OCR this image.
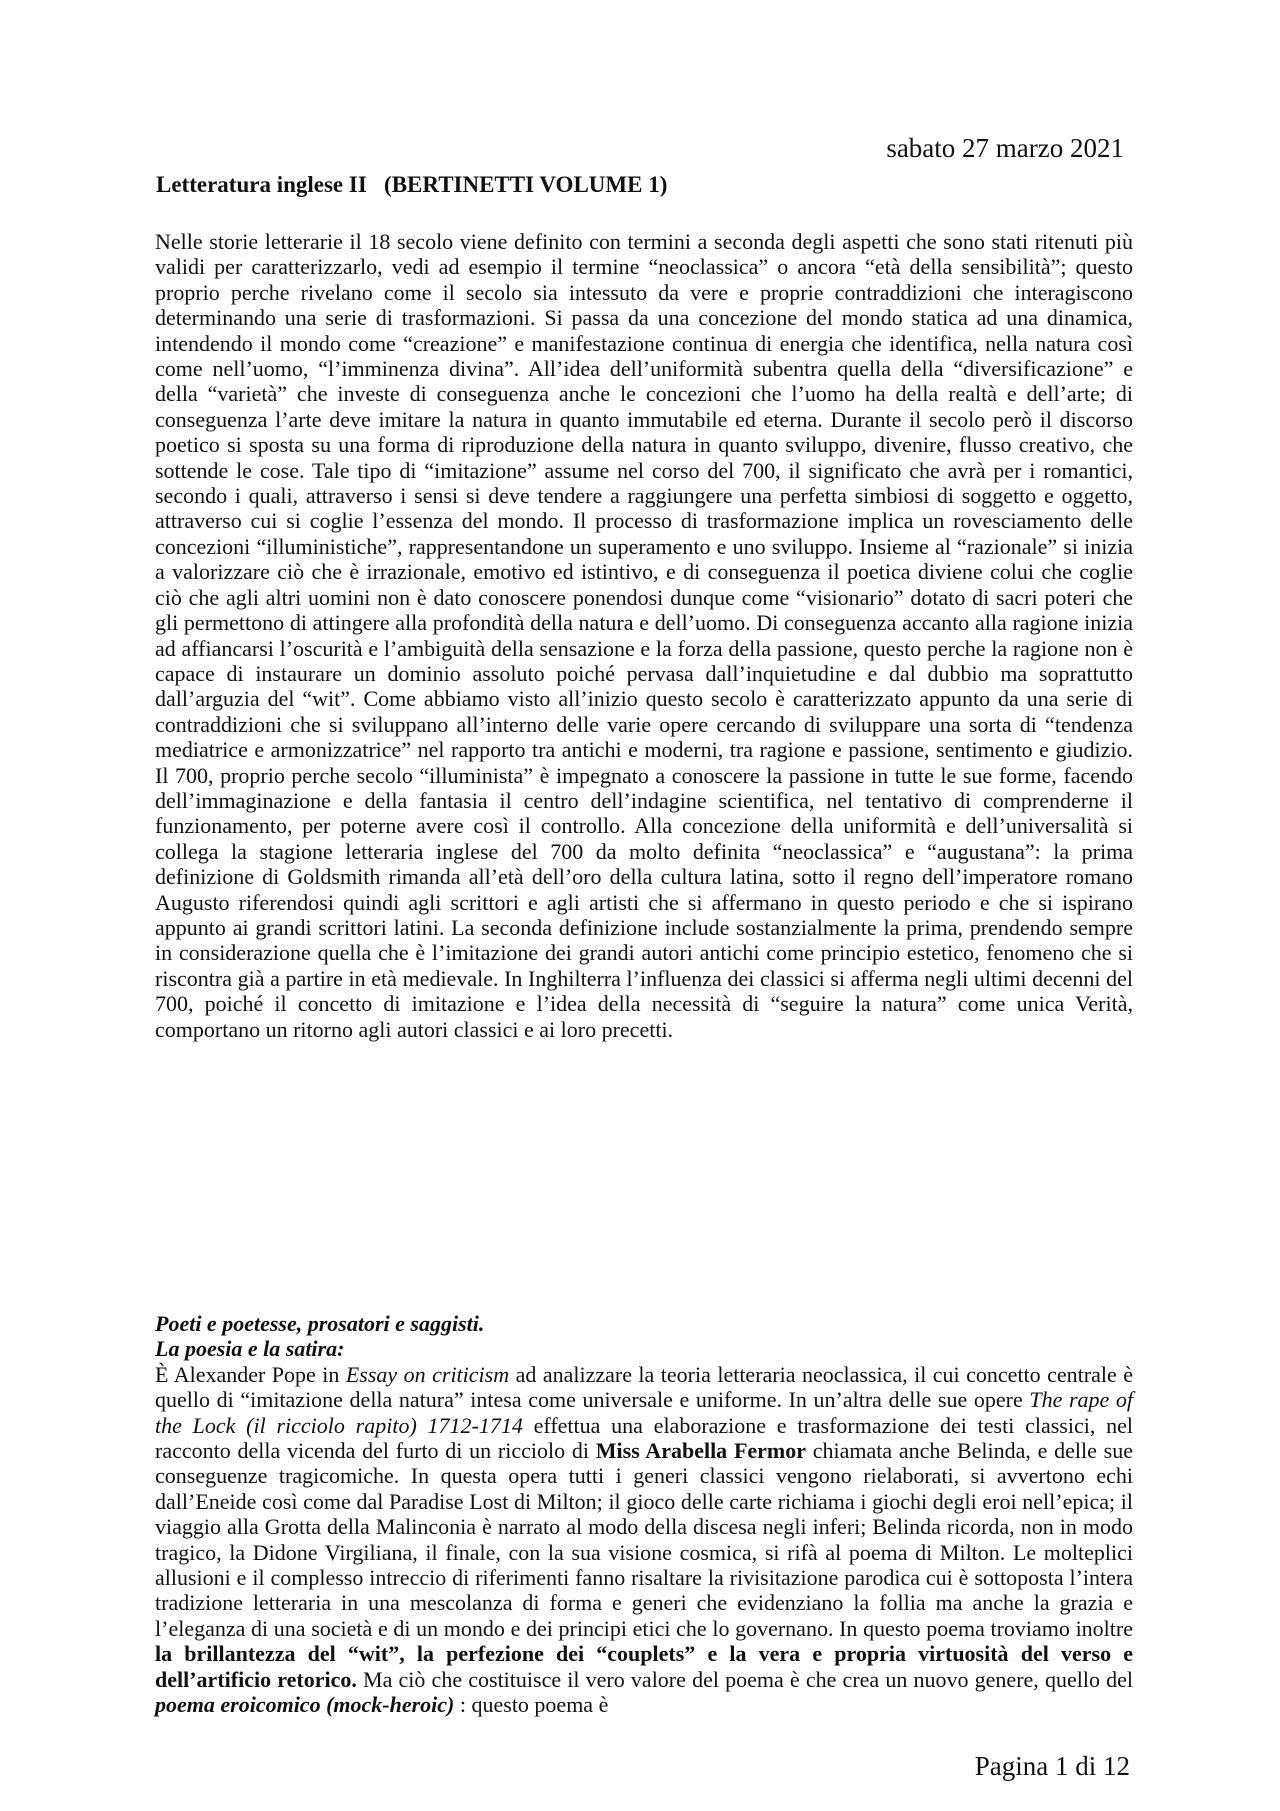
sabato 27 marzo 2021
Letteratura inglese II (BERTINETTI VOLUME 1)

Nelle storie letterarie il 18 secolo viene definito con termini a seconda degli aspetti che sono stati ritenuti più validi per caratterizzarlo, vedi ad esempio il termine “neoclassica” o ancora “età della sensibilità”; questo proprio perche rivelano come il secolo sia intessuto da vere e proprie contraddizioni che interagiscono determinando una serie di trasformazioni. Si passa da una concezione del mondo statica ad una dinamica, intendendo il mondo come “creazione” e manifestazione continua di energia che identifica, nella natura così come nell’uomo, “l’imminenza divina”. All’idea dell’uniformità subentra quella della “diversificazione” e della “varietà” che investe di conseguenza anche le concezioni che l’uomo ha della realtà e dell’arte; di conseguenza l’arte deve imitare la natura in quanto immutabile ed eterna. Durante il secolo però il discorso poetico si sposta su una forma di riproduzione della natura in quanto sviluppo, divenire, flusso creativo, che sottende le cose. Tale tipo di “imitazione” assume nel corso del 700, il significato che avrà per i romantici, secondo i quali, attraverso i sensi si deve tendere a raggiungere una perfetta simbiosi di soggetto e oggetto, attraverso cui si coglie l’essenza del mondo. Il processo di trasformazione implica un rovesciamento delle concezioni “illuministiche”, rappresentandone un superamento e uno sviluppo. Insieme al “razionale” si inizia a valorizzare ciò che è irrazionale, emotivo ed istintivo, e di conseguenza il poetica diviene colui che coglie ciò che agli altri uomini non è dato conoscere ponendosi dunque come “visionario” dotato di sacri poteri che gli permettono di attingere alla profondità della natura e dell’uomo. Di conseguenza accanto alla ragione inizia ad affiancarsi l’oscurità e l’ambiguità della sensazione e la forza della passione, questo perche la ragione non è capace di instaurare un dominio assoluto poiché pervasa dall’inquietudine e dal dubbio ma soprattutto dall’arguzia del “wit”. Come abbiamo visto all’inizio questo secolo è caratterizzato appunto da una serie di contraddizioni che si sviluppano all’interno delle varie opere cercando di sviluppare una sorta di “tendenza mediatrice e armonizzatrice” nel rapporto tra antichi e moderni, tra ragione e passione, sentimento e giudizio. Il 700, proprio perche secolo “illuminista” è impegnato a conoscere la passione in tutte le sue forme, facendo dell’immaginazione e della fantasia il centro dell’indagine scientifica, nel tentativo di comprenderne il funzionamento, per poterne avere così il controllo. Alla concezione della uniformità e dell’universalità si collega la stagione letteraria inglese del 700 da molto definita “neoclassica” e “augustana”: la prima definizione di Goldsmith rimanda all’età dell’oro della cultura latina, sotto il regno dell’imperatore romano Augusto riferendosi quindi agli scrittori e agli artisti che si affermano in questo periodo e che si ispirano appunto ai grandi scrittori latini. La seconda definizione include sostanzialmente la prima, prendendo sempre in considerazione quella che è l’imitazione dei grandi autori antichi come principio estetico, fenomeno che si riscontra già a partire in età medievale. In Inghilterra l’influenza dei classici si afferma negli ultimi decenni del 700, poiché il concetto di imitazione e l’idea della necessità di “seguire la natura” come unica Verità, comportano un ritorno agli autori classici e ai loro precetti.

Poeti e poetesse, prosatori e saggisti.
La poesia e la satira:
È Alexander Pope in Essay on criticism ad analizzare la teoria letteraria neoclassica, il cui concetto centrale è quello di “imitazione della natura” intesa come universale e uniforme. In un’altra delle sue opere The rape of the Lock (il ricciolo rapito) 1712-1714 effettua una elaborazione e trasformazione dei testi classici, nel racconto della vicenda del furto di un ricciolo di Miss Arabella Fermor chiamata anche Belinda, e delle sue conseguenze tragicomiche. In questa opera tutti i generi classici vengono rielaborati, si avvertono echi dall’Eneide così come dal Paradise Lost di Milton; il gioco delle carte richiama i giochi degli eroi nell’epica; il viaggio alla Grotta della Malinconia è narrato al modo della discesa negli inferi; Belinda ricorda, non in modo tragico, la Didone Virgiliana, il finale, con la sua visione cosmica, si rifà al poema di Milton. Le molteplici allusioni e il complesso intreccio di riferimenti fanno risaltare la rivisitazione parodica cui è sottoposta l’intera tradizione letteraria in una mescolanza di forma e generi che evidenziano la follia ma anche la grazia e l’eleganza di una società e di un mondo e dei principi etici che lo governano. In questo poema troviamo inoltre la brillantezza del “wit”, la perfezione dei “couplets” e la vera e propria virtuosità del verso e dell’artificio retorico. Ma ciò che costituisce il vero valore del poema è che crea un nuovo genere, quello del poema eroicomico (mock-heroic) : questo poema è
Pagina 1 di 12
